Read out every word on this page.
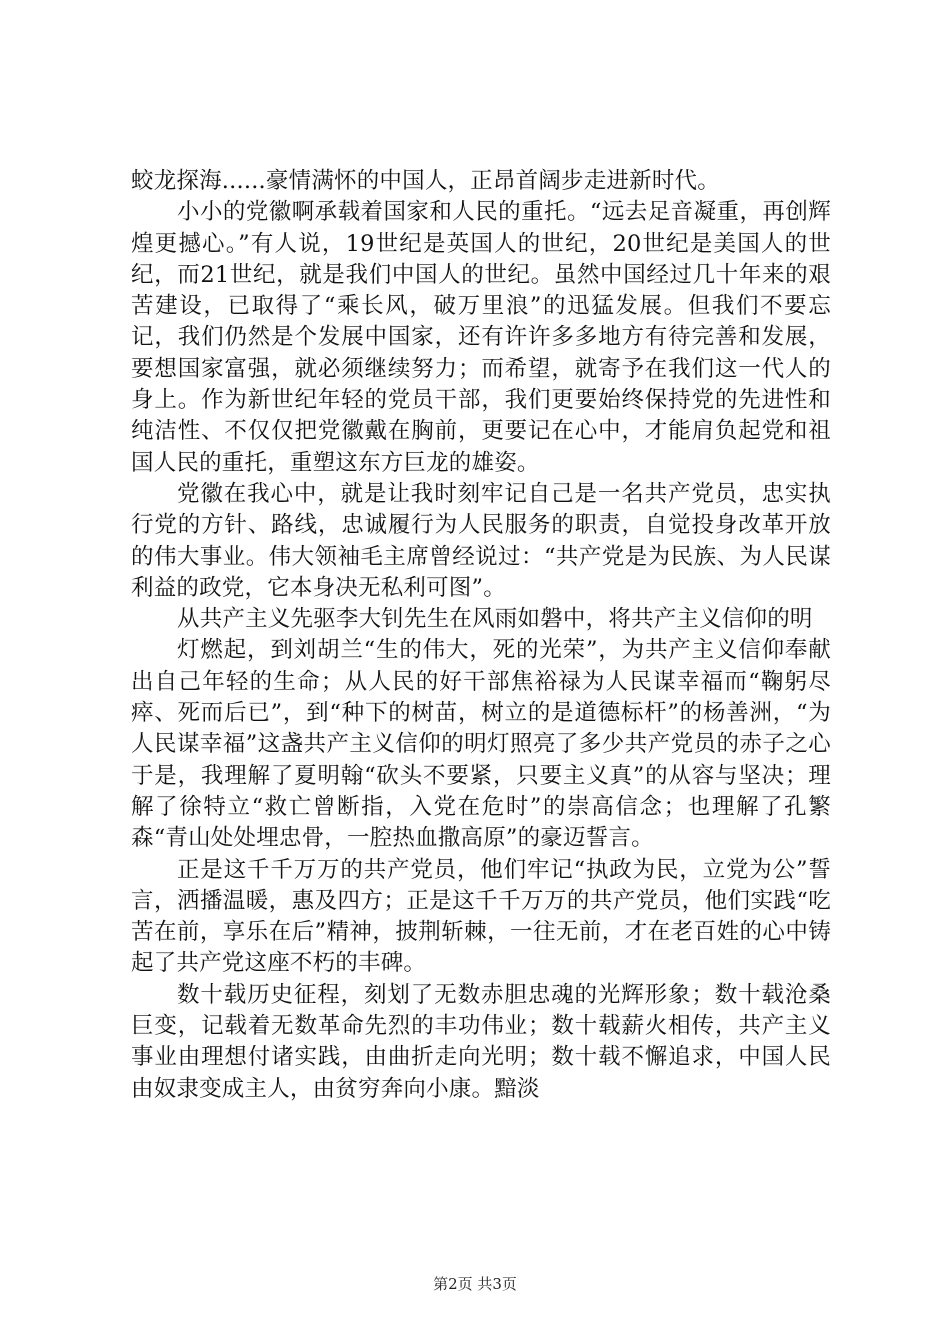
蛟龙探海......豪情满怀的中国人，正昂首阔步走进新时代。

小小的党徽啊承载着国家和人民的重托。“远去足音凝重，再创辉煌更撼心。”有人说，19世纪是英国人的世纪，20世纪是美国人的世纪，而21世纪，就是我们中国人的世纪。虽然中国经过几十年来的艰苦建设，已取得了“乘长风，破万里浪”的迅猛发展。但我们不要忘记，我们仍然是个发展中国家，还有许许多多地方有待完善和发展，要想国家富强，就必须继续努力；而希望，就寄予在我们这一代人的身上。作为新世纪年轻的党员干部，我们更要始终保持党的先进性和纯洁性、不仅仅把党徽戴在胸前，更要记在心中，才能肩负起党和祖国人民的重托，重塑这东方巨龙的雄姿。

党徽在我心中，就是让我时刻牢记自己是一名共产党员，忠实执行党的方针、路线，忠诚履行为人民服务的职责，自觉投身改革开放的伟大事业。伟大领袖毛主席曾经说过：“共产党是为民族、为人民谋利益的政党，它本身决无私利可图”。

从共产主义先驱李大钊先生在风雨如磐中，将共产主义信仰的明

灯燃起，到刘胡兰“生的伟大，死的光荣”，为共产主义信仰奉献出自己年轻的生命；从人民的好干部焦裕禄为人民谋幸福而“鞠躬尽瘁、死而后已”，到“种下的树苗，树立的是道德标杆”的杨善洲，“为人民谋幸福”这盏共产主义信仰的明灯照亮了多少共产党员的赤子之心于是，我理解了夏明翰“砍头不要紧，只要主义真”的从容与坚决；理解了徐特立“救亡曾断指，入党在危时”的崇高信念；也理解了孔繁森“青山处处埋忠骨，一腔热血撒高原”的豪迈誓言。

正是这千千万万的共产党员，他们牢记“执政为民，立党为公”誓言，洒播温暖，惠及四方；正是这千千万万的共产党员，他们实践“吃苦在前，享乐在后”精神，披荆斩棘，一往无前，才在老百姓的心中铸起了共产党这座不朽的丰碑。

数十载历史征程，刻划了无数赤胆忠魂的光辉形象；数十载沧桑巨变，记载着无数革命先烈的丰功伟业；数十载薪火相传，共产主义事业由理想付诸实践，由曲折走向光明；数十载不懈追求，中国人民由奴隶变成主人，由贫穷奔向小康。黯淡

第2页 共3页
